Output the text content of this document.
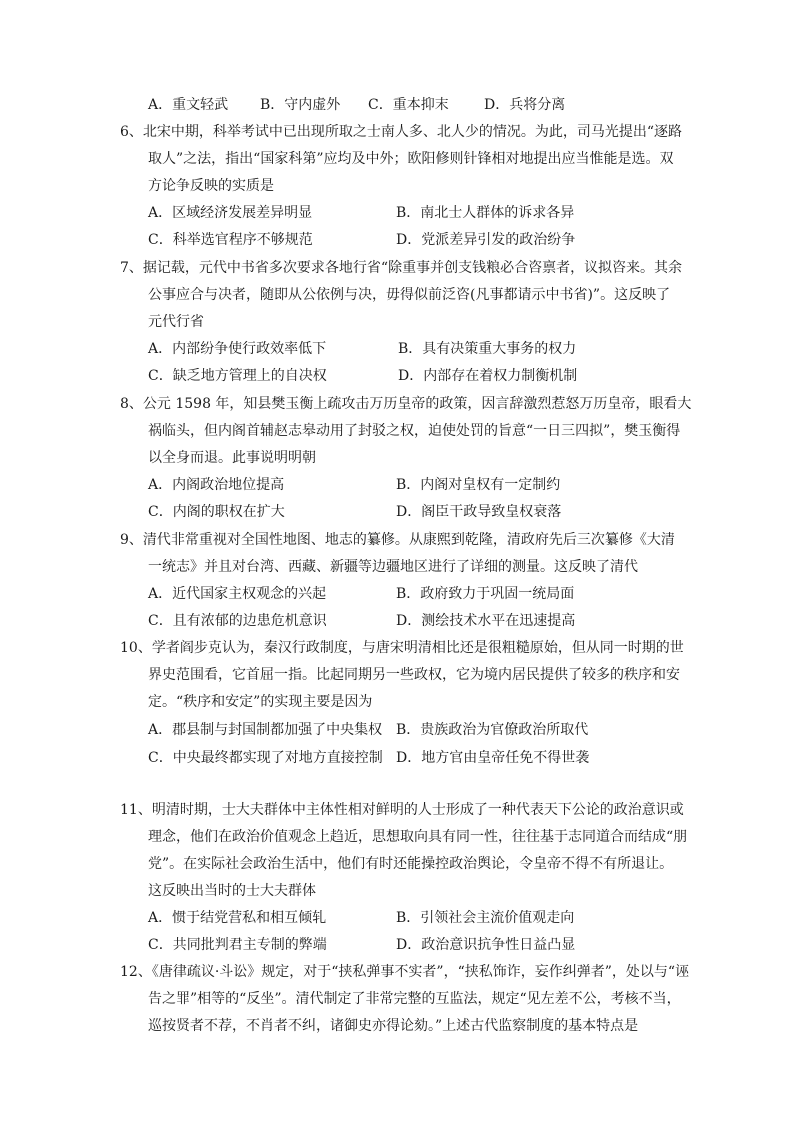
A．重文轻武 B．守内虚外 C．重本抑末	D．兵将分离
6、北宋中期，科举考试中已出现所取之士南人多、北人少的情况。为此，司马光提出“逐路
取人”之法，指出“国家科第”应均及中外；欧阳修则针锋相对地提出应当惟能是选。双
方论争反映的实质是
A．区域经济发展差异明显	B．南北士人群体的诉求各异
C．科举选官程序不够规范	D．党派差异引发的政治纷争
7、据记载，元代中书省多次要求各地行省“除重事并创支钱粮必合咨禀者，议拟咨来。其余
公事应合与决者，随即从公依例与决，毋得似前泛咨(凡事都请示中书省)”。这反映了
元代行省
A．内部纷争使行政效率低下	B．具有决策重大事务的权力
C．缺乏地方管理上的自决权	D．内部存在着权力制衡机制
8、公元 1598 年，知县樊玉衡上疏攻击万历皇帝的政策，因言辞激烈惹怒万历皇帝，眼看大
祸临头，但内阁首辅赵志皋动用了封驳之权，迫使处罚的旨意“一日三四拟”，樊玉衡得
以全身而退。此事说明明朝
A．内阁政治地位提高	B．内阁对皇权有一定制约
C．内阁的职权在扩大	D．阁臣干政导致皇权衰落
9、清代非常重视对全国性地图、地志的纂修。从康熙到乾隆，清政府先后三次纂修《大清
一统志》并且对台湾、西藏、新疆等边疆地区进行了详细的测量。这反映了清代
A．近代国家主权观念的兴起	B．政府致力于巩固一统局面
C．且有浓郁的边患危机意识	D．测绘技术水平在迅速提高
10、学者阎步克认为，秦汉行政制度，与唐宋明清相比还是很粗糙原始，但从同一时期的世
界史范围看，它首屈一指。比起同期另一些政权，它为境内居民提供了较多的秩序和安
定。“秩序和安定”的实现主要是因为
A．郡县制与封国制都加强了中央集权 B．贵族政治为官僚政治所取代
C．中央最终都实现了对地方直接控制 D．地方官由皇帝任免不得世袭
11、明清时期，士大夫群体中主体性相对鲜明的人士形成了一种代表天下公论的政治意识或
理念，他们在政治价值观念上趋近，思想取向具有同一性，往往基于志同道合而结成“朋
党”。在实际社会政治生活中，他们有时还能操控政治舆论，令皇帝不得不有所退让。
这反映出当时的士大夫群体
A．惯于结党营私和相互倾轧	B．引领社会主流价值观走向
C．共同批判君主专制的弊端	D．政治意识抗争性日益凸显
12、《唐律疏议·斗讼》规定，对于“挟私弹事不实者”，“挟私饰诈，妄作纠弹者”，处以与“诬
告之罪”相等的“反坐”。清代制定了非常完整的互监法，规定“见左差不公，考核不当，
巡按贤者不荐，不肖者不纠，诸御史亦得论劾。”上述古代监察制度的基本特点是
